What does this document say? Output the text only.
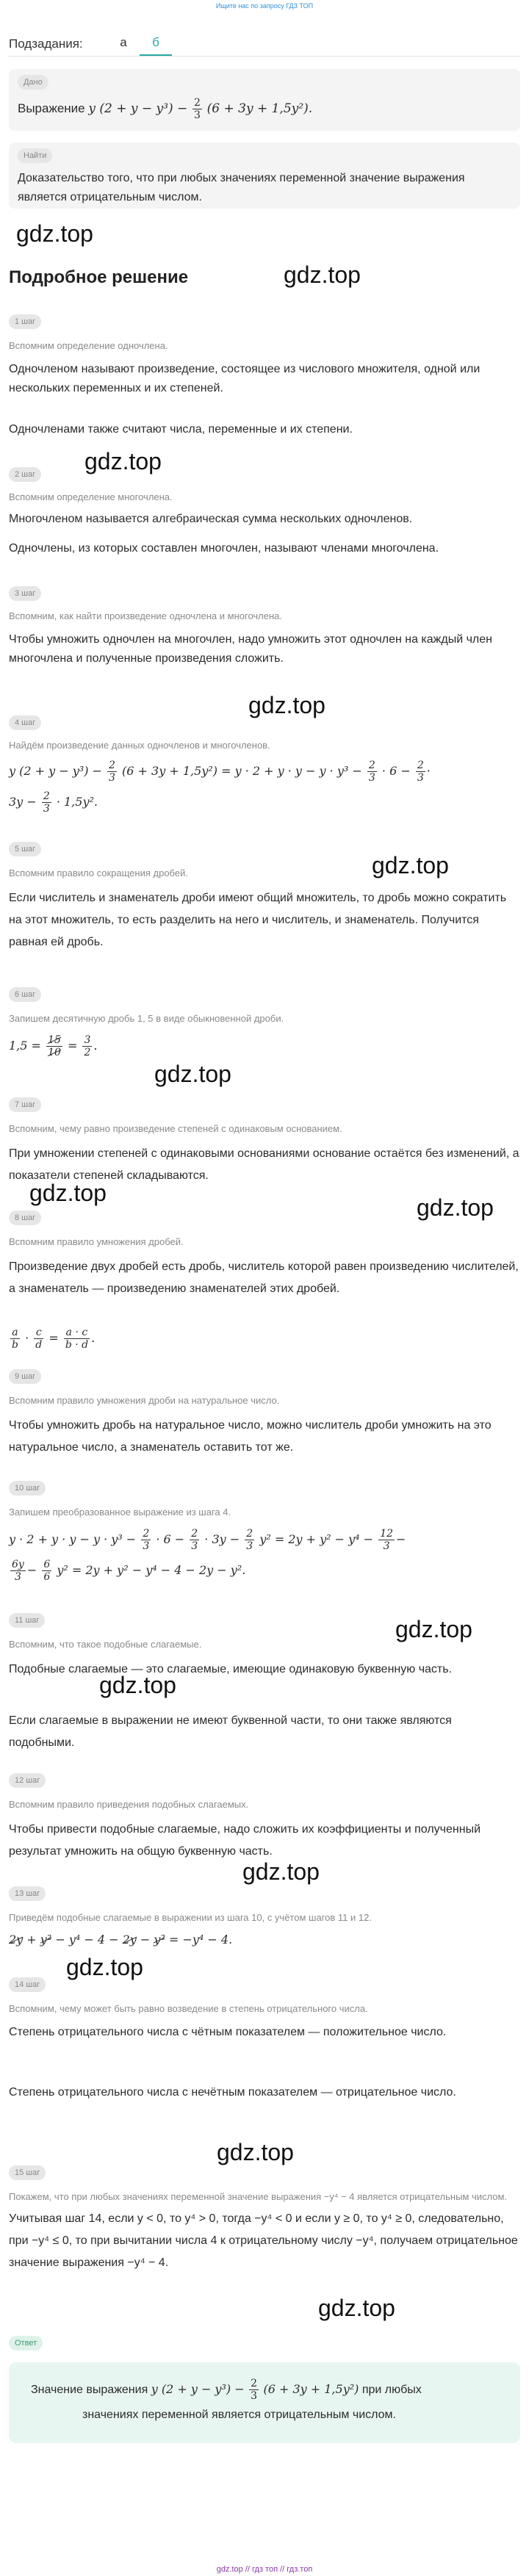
Ищите нас по запросу ГДЗ ТОП
Подзадания:	а	б
Дано
Выражение y $(2 + y - y^3) - \frac{2}{3} (6 + 3y + 1,5y^2)$.
Найти
Доказательство того, что при любых значениях переменной значение выражения является отрицательным числом.
gdz.top
gdz.top
Подробное решение
1 шаг
Вспомним определение одночлена.
Одночленом называют произведение, состоящее из числового множителя, одной или нескольких переменных и их степеней.
Одночленами также считают числа, переменные и их степени.
2 шаг gdz.top
Вспомним определение многочлена.
Многочленом называется алгебраическая сумма нескольких одночленов.
Одночлены, из которых составлен многочлен, называют членами многочлена.
3 шаг
Вспомним, как найти произведение одночлена и многочлена.
Чтобы умножить одночлен на многочлен, надо умножить этот одночлен на каждый член многочлена и полученные произведения сложить.
gdz.top
4 шаг
Найдём произведение данных одночленов и многочленов.
y $(2 + y - y^3) - \frac{2}{3} (6 + 3y + 1,5y^2) = y \cdot 2 + y \cdot y - y \cdot y^3 - \frac{2}{3} \cdot 6 - \frac{2}{3}$ ·
$3y - \frac{2}{3} \cdot 1,5y^2$.
gdz.top
5 шаг
Вспомним правило сокращения дробей.
Если числитель и знаменатель дроби имеют общий множитель, то дробь можно сократить на этот множитель, то есть разделить на него и числитель, и знаменатель. Получится равная ей дробь.
6 шаг
Запишем десятичную дробь 1, 5 в виде обыкновенной дроби.
$1,5 = \frac{15}{10} = \frac{3}{2}$ .
gdz.top
7 шаг
Вспомним, чему равно произведение степеней с одинаковым основанием.
При умножении степеней с одинаковыми основаниями основание остаётся без изменений, а показатели степеней складываются.
gdz.top
gdz.top
8 шаг
Вспомним правило умножения дробей.
Произведение двух дробей есть дробь, числитель которой равен произведению числителей, а знаменатель — произведению знаменателей этих дробей.
$\frac{a}{b} \cdot \frac{c}{d} = \frac{a \cdot c}{b \cdot d}$ .
9 шаг
Вспомним правило умножения дроби на натуральное число.
Чтобы умножить дробь на натуральное число, можно числитель дроби умножить на это натуральное число, а знаменатель оставить тот же.
10 шаг
Запишем преобразованное выражение из шага 4.
$y \cdot 2 + y \cdot y - y \cdot y^3 - \frac{2}{3} \cdot 6 - \frac{2}{3} \cdot 3y - \frac{2}{3} y^2 = 2y + y^2 - y^4 - \frac{12}{3}$ −
$\frac{6y}{3} - \frac{6}{6} y^2 = 2y + y^2 - y^4 - 4 - 2y - y^2$.
11 шаг	gdz.top
Вспомним, что такое подобные слагаемые.
Подобные слагаемые — это слагаемые, имеющие одинаковую буквенную часть.
gdz.top
Если слагаемые в выражении не имеют буквенной части, то они также являются подобными.
12 шаг
Вспомним правило приведения подобных слагаемых.
Чтобы привести подобные слагаемые, надо сложить их коэффициенты и полученный результат умножить на общую буквенную часть.
gdz.top
13 шаг
Приведём подобные слагаемые в выражении из шага 10, с учётом шагов 11 и 12.
2y + y² − y⁴ − 4 − 2y − y² = −y⁴ − 4.
gdz.top
14 шаг
Вспомним, чему может быть равно возведение в степень отрицательного числа.
Степень отрицательного числа с чётным показателем — положительное число.
Степень отрицательного числа с нечётным показателем — отрицательное число.
gdz.top
15 шаг
Покажем, что при любых значениях переменной значение выражения −y⁴ − 4 является отрицательным числом.
Учитывая шаг 14, если y < 0, то y⁴ > 0, тогда −y⁴ < 0 и если y ≥ 0, то y⁴ ≥ 0, следовательно, при −y⁴ ≤ 0, то при вычитании числа 4 к отрицательному числу −y⁴, получаем отрицательное значение выражения −y⁴ − 4.
gdz.top
Ответ
Значение выражения y $(2 + y - y^3) - \frac{2}{3} (6 + 3y + 1,5y^2)$ при любых
значениях переменной является отрицательным числом.
gdz.top // гдз топ // гдз.топ
